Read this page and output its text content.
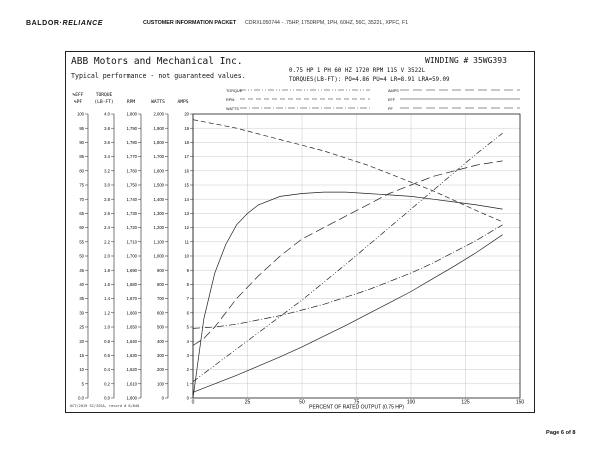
BALDOR·RELIANCE	CUSTOMER INFORMATION PACKET CDRXL050744 - .75HP, 1750RPM, 1PH, 60HZ, 56C, 3522L, XPFC, F1
ABB Motors and Mechanical Inc.
Typical performance - not guaranteed values.
WINDING # 35WG393
0.75 HP 1 PH 60 HZ 1720 RPM 115 V 3522L
TORQUES(LB-FT): PO=4.86 PU=4 LR=8.91 LRA=59.09
TORQUE
RPM
WATTS
AMPS
EFF
PF
0	25	50	75	100	125	150
PERCENT OF RATED OUTPUT (0.75 HP)
100
95
90
85
80
75
70
65
60
55
50
45
40
35
30
25
20
15
10
5
0.0
%EFF
%PF
4.0
3.8
3.6
3.4
3.2
3.0
2.8
2.6
2.4
2.2
2.0
1.8
1.6
1.4
1.2
1.0
0.8
0.6
0.4
0.2
0.0
TORQUE
(LB-FT)
1,800
1,790
1,780
1,770
1,760
1,750
1,740
1,730
1,720
1,710
1,700
1,690
1,680
1,670
1,660
1,650
1,640
1,630
1,620
1,610
1,600
RPM
2,000
1,900
1,800
1,700
1,600
1,500
1,400
1,300
1,200
1,100
1,000
900
800
700
600
500
400
300
200
100
0
WATTS
20
19
18
17
16
15
14
13
12
11
10
9
8
7
6
5
4
3
2
1
0
AMPS
OCT/2019 SC/ISSA, record # 8/040
Page 6 of 8
